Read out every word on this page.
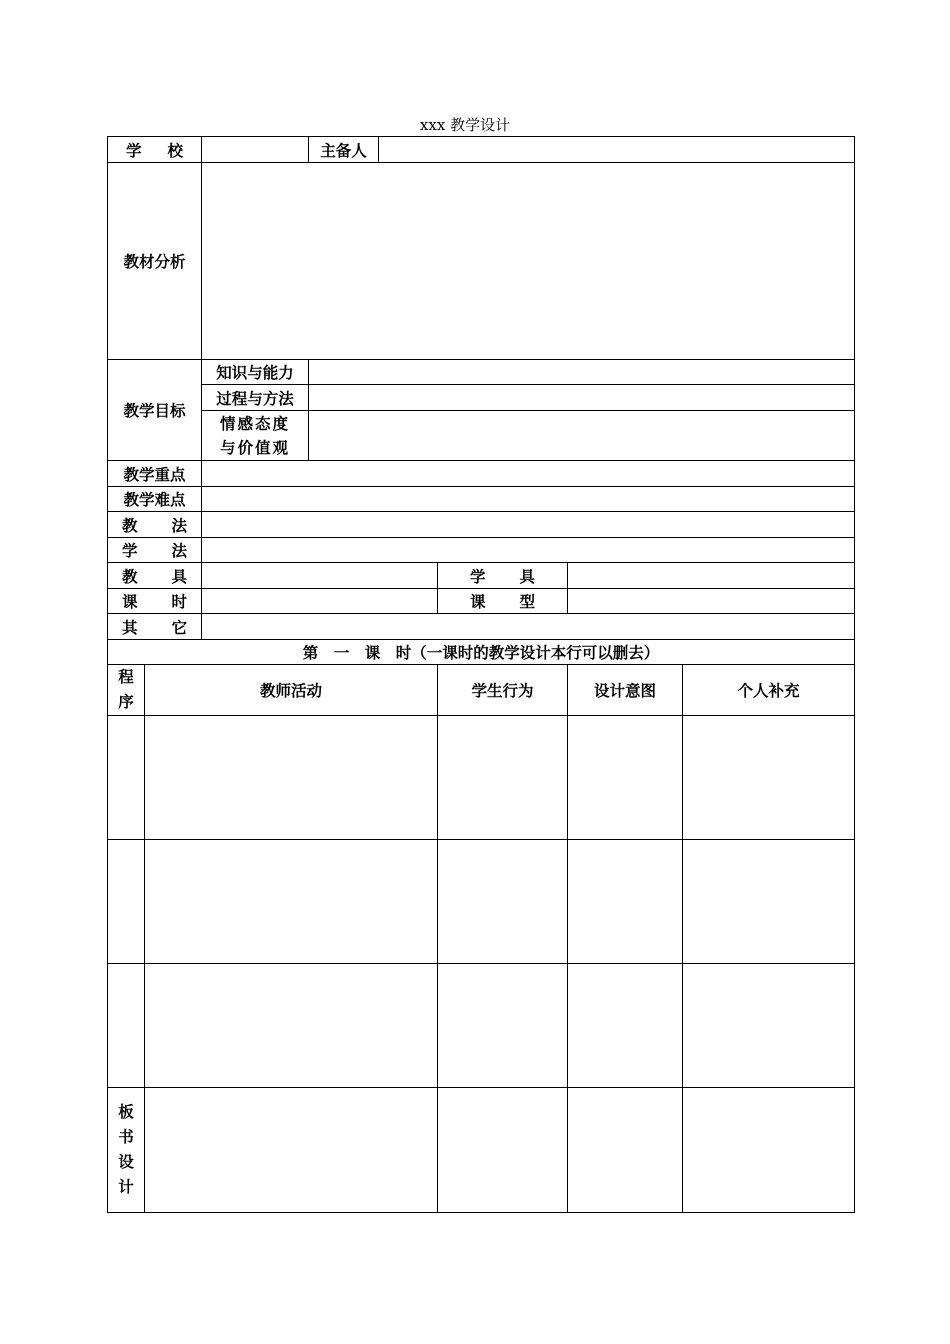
xxx 教学设计
学 校			主备人				
教材分析							
教学目标		知识与能力					
		过程与方法					

		情感态度
与价值观					

教学重点							
教学难点							
教 法							
学 法							
教 具					学 具		
课 时					课 型		
其 它							
第　一　课　时（一课时的教学设计本行可以删去）							

程
序	教师活动				学生行为	设计意图	个人补充

板
书
设
计							
